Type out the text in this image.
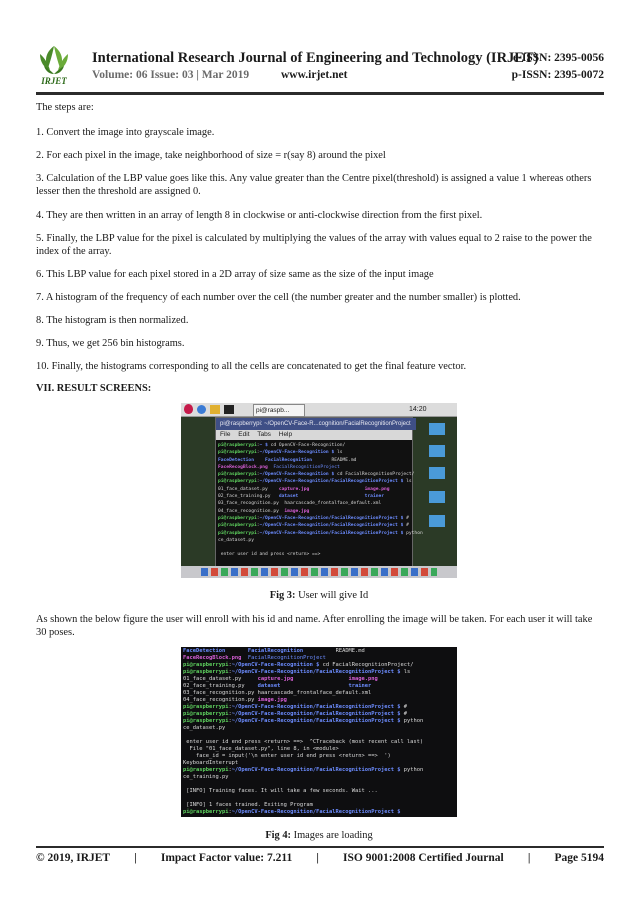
IRJET
International Research Journal of Engineering and Technology (IRJET)
e-ISSN: 2395-0056
Volume: 06 Issue: 03 | Mar 2019	www.irjet.net	p-ISSN: 2395-0072
The steps are:
1. Convert the image into grayscale image.
2. For each pixel in the image, take neighborhood of size = r(say 8) around the pixel
3. Calculation of the LBP value goes like this. Any value greater than the Centre pixel(threshold) is assigned a value 1 whereas others lesser then the threshold are assigned 0.
4. They are then written in an array of length 8 in clockwise or anti-clockwise direction from the first pixel.
5. Finally, the LBP value for the pixel is calculated by multiplying the values of the array with values equal to 2 raise to the power the index of the array.
6. This LBP value for each pixel stored in a 2D array of size same as the size of the input image
7. A histogram of the frequency of each number over the cell (the number greater and the number smaller) is plotted.
8. The histogram is then normalized.
9. Thus, we get 256 bin histograms.
10. Finally, the histograms corresponding to all the cells are concatenated to get the final feature vector.
VII. RESULT SCREENS:
pi@raspb...	14:20
pi@raspberrypi: ~/OpenCV-Face-R...cognition/FacialRecognitionProject
File Edit Tabs Help
pi@raspberrypi:~ $ cd OpenCV-Face-Recognition/
pi@raspberrypi:~/OpenCV-Face-Recognition $ ls
FaceDetection FacialRecognition	README.md
FaceRecogBlock.png FacialRecognitionProject
pi@raspberrypi:~/OpenCV-Face-Recognition $ cd FacialRecognitionProject/
pi@raspberrypi:~/OpenCV-Face-Recognition/FacialRecognitionProject $ ls
01_face_dataset.py capture.jpg	image.png
02_face_training.py dataset	trainer
03_face_recognition.py haarcascade_frontalface_default.xml
04_face_recognition.py image.jpg
pi@raspberrypi:~/OpenCV-Face-Recognition/FacialRecognitionProject $ #
pi@raspberrypi:~/OpenCV-Face-Recognition/FacialRecognitionProject $ #
pi@raspberrypi:~/OpenCV-Face-Recognition/FacialRecognitionProject $ python
ce_dataset.py

enter user id and press <return> ==>
Fig 3: User will give Id
As shown the below figure the user will enroll with his id and name. After enrolling the image will be taken. For each user it will take 30 poses.
FaceDetection	FacialRecognition	README.md
FaceRecogBlock.png FacialRecognitionProject
pi@raspberrypi:~/OpenCV-Face-Recognition $ cd FacialRecognitionProject/
pi@raspberrypi:~/OpenCV-Face-Recognition/FacialRecognitionProject $ ls
01_face_dataset.py	capture.jpg	image.png
02_face_training.py dataset	trainer
03_face_recognition.py haarcascade_frontalface_default.xml
04_face_recognition.py image.jpg
pi@raspberrypi:~/OpenCV-Face-Recognition/FacialRecognitionProject $ #
pi@raspberrypi:~/OpenCV-Face-Recognition/FacialRecognitionProject $ #
pi@raspberrypi:~/OpenCV-Face-Recognition/FacialRecognitionProject $ python
ce_dataset.py

enter user id end press <return> ==>  ^CTraceback (most recent call last)
File "01_face_dataset.py", line 8, in <module>
face_id = input('\n enter user id end press <return> ==>  ')
KeyboardInterrupt
pi@raspberrypi:~/OpenCV-Face-Recognition/FacialRecognitionProject $ python
ce_training.py

[INFO] Training faces. It will take a few seconds. Wait ...

[INFO] 1 faces trained. Exiting Program
pi@raspberrypi:~/OpenCV-Face-Recognition/FacialRecognitionProject $
Fig 4: Images are loading
© 2019, IRJET | Impact Factor value: 7.211 | ISO 9001:2008 Certified Journal | Page 5194
